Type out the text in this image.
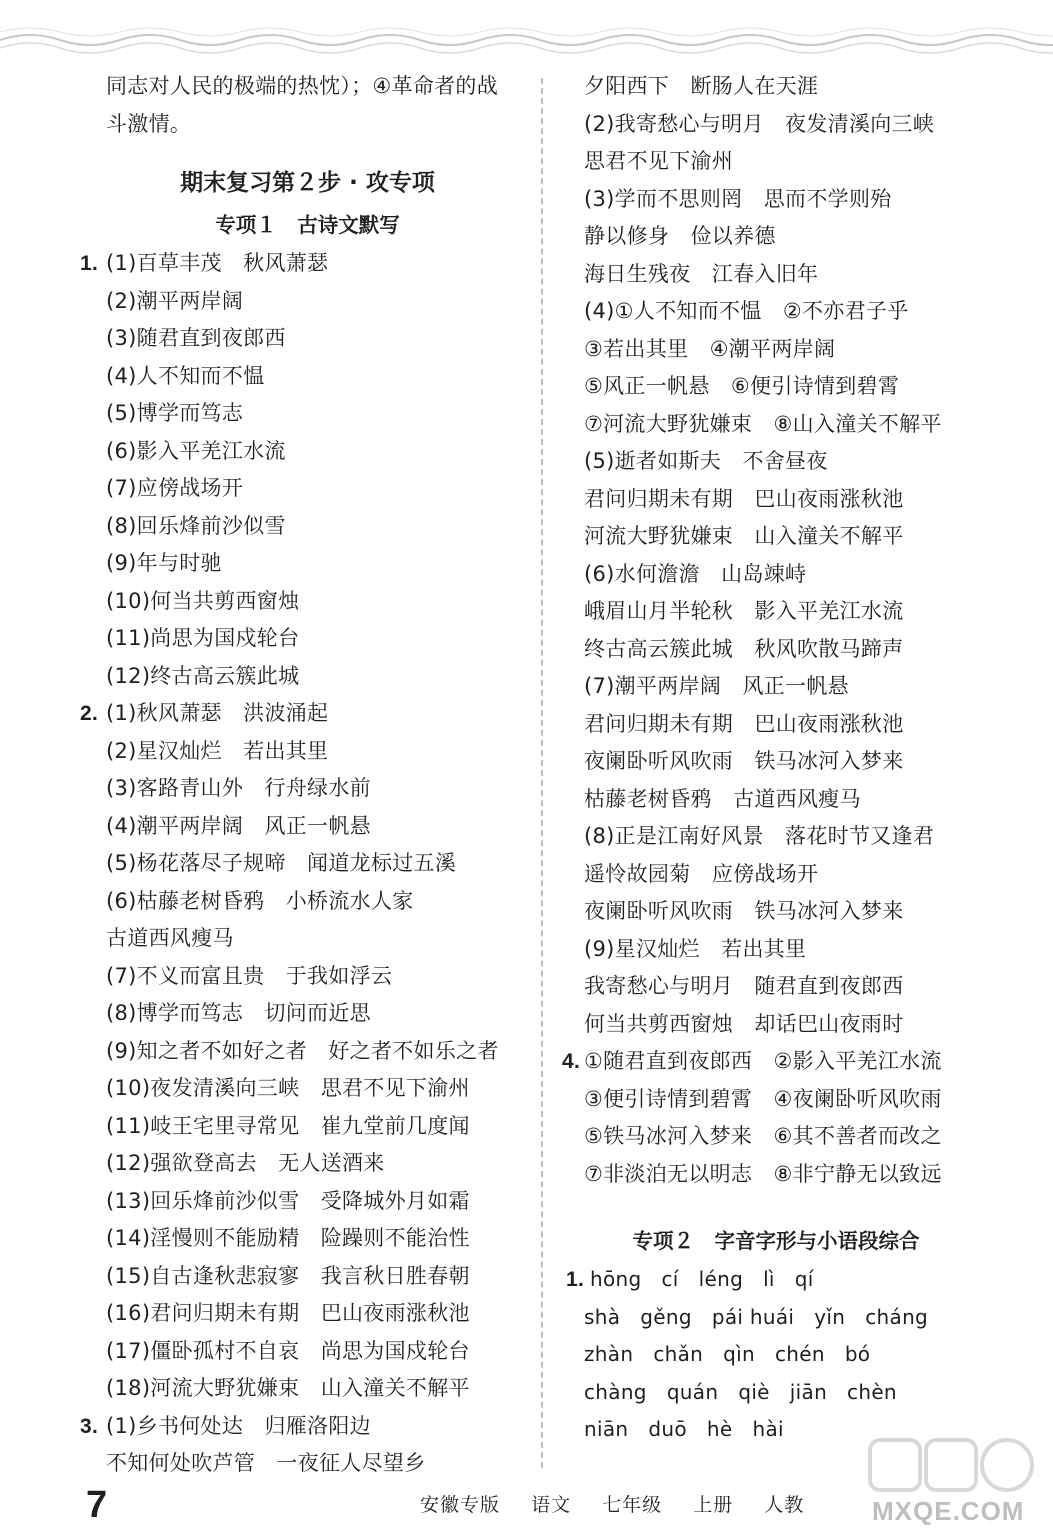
同志对人民的极端的热忱）；④革命者的战
斗激情。
期末复习第２步 · 攻专项
专项１　古诗文默写
1. (1)百草丰茂　秋风萧瑟
(2)潮平两岸阔
(3)随君直到夜郎西
(4)人不知而不愠
(5)博学而笃志
(6)影入平羌江水流
(7)应傍战场开
(8)回乐烽前沙似雪
(9)年与时驰
(10)何当共剪西窗烛
(11)尚思为国戍轮台
(12)终古高云簇此城
2. (1)秋风萧瑟　洪波涌起
(2)星汉灿烂　若出其里
(3)客路青山外　行舟绿水前
(4)潮平两岸阔　风正一帆悬
(5)杨花落尽子规啼　闻道龙标过五溪
(6)枯藤老树昏鸦　小桥流水人家
古道西风瘦马
(7)不义而富且贵　于我如浮云
(8)博学而笃志　切问而近思
(9)知之者不如好之者　好之者不如乐之者
(10)夜发清溪向三峡　思君不见下渝州
(11)岐王宅里寻常见　崔九堂前几度闻
(12)强欲登高去　无人送酒来
(13)回乐烽前沙似雪　受降城外月如霜
(14)淫慢则不能励精　险躁则不能治性
(15)自古逢秋悲寂寥　我言秋日胜春朝
(16)君问归期未有期　巴山夜雨涨秋池
(17)僵卧孤村不自哀　尚思为国戍轮台
(18)河流大野犹嫌束　山入潼关不解平
3. (1)乡书何处达　归雁洛阳边
不知何处吹芦管　一夜征人尽望乡
夕阳西下　断肠人在天涯
(2)我寄愁心与明月　夜发清溪向三峡
思君不见下渝州
(3)学而不思则罔　思而不学则殆
静以修身　俭以养德
海日生残夜　江春入旧年
(4)①人不知而不愠　②不亦君子乎
③若出其里　④潮平两岸阔
⑤风正一帆悬　⑥便引诗情到碧霄
⑦河流大野犹嫌束　⑧山入潼关不解平
(5)逝者如斯夫　不舍昼夜
君问归期未有期　巴山夜雨涨秋池
河流大野犹嫌束　山入潼关不解平
(6)水何澹澹　山岛竦峙
峨眉山月半轮秋　影入平羌江水流
终古高云簇此城　秋风吹散马蹄声
(7)潮平两岸阔　风正一帆悬
君问归期未有期　巴山夜雨涨秋池
夜阑卧听风吹雨　铁马冰河入梦来
枯藤老树昏鸦　古道西风瘦马
(8)正是江南好风景　落花时节又逢君
遥怜故园菊　应傍战场开
夜阑卧听风吹雨　铁马冰河入梦来
(9)星汉灿烂　若出其里
我寄愁心与明月　随君直到夜郎西
何当共剪西窗烛　却话巴山夜雨时
4. ①随君直到夜郎西　②影入平羌江水流
③便引诗情到碧霄　④夜阑卧听风吹雨
⑤铁马冰河入梦来　⑥其不善者而改之
⑦非淡泊无以明志　⑧非宁静无以致远
专项２　字音字形与小语段综合
1. hōng cí léng lì qí
shà gěng pái huái yǐn cháng
zhàn chǎn qìn chén bó
chàng quán qiè jiān chèn
niān duō hè hài
MXQE.COM
7	安徽专版 语文 七年级 上册 人教
